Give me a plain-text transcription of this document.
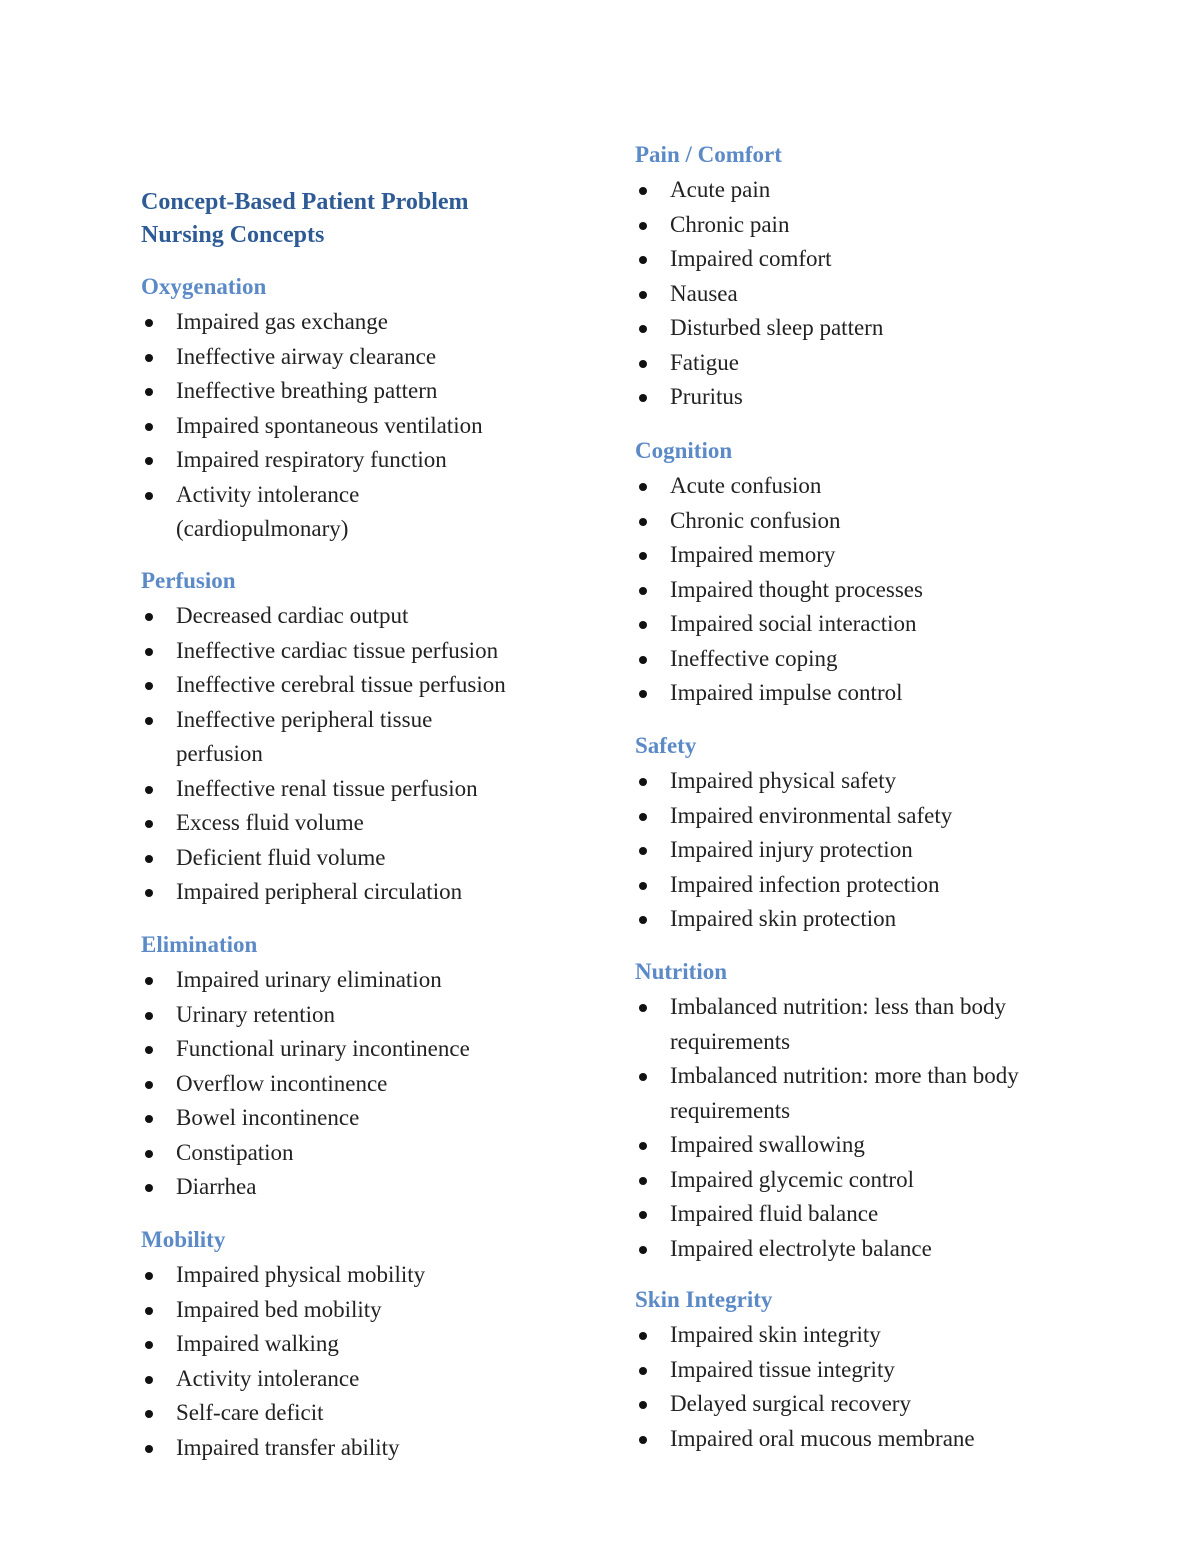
Concept-Based Patient Problem
Nursing Concepts
Oxygenation
Impaired gas exchange
Ineffective airway clearance
Ineffective breathing pattern
Impaired spontaneous ventilation
Impaired respiratory function
Activity intolerance (cardiopulmonary)
Perfusion
Decreased cardiac output
Ineffective cardiac tissue perfusion
Ineffective cerebral tissue perfusion
Ineffective peripheral tissue perfusion
Ineffective renal tissue perfusion
Excess fluid volume
Deficient fluid volume
Impaired peripheral circulation
Elimination
Impaired urinary elimination
Urinary retention
Functional urinary incontinence
Overflow incontinence
Bowel incontinence
Constipation
Diarrhea
Mobility
Impaired physical mobility
Impaired bed mobility
Impaired walking
Activity intolerance
Self-care deficit
Impaired transfer ability
Pain / Comfort
Acute pain
Chronic pain
Impaired comfort
Nausea
Disturbed sleep pattern
Fatigue
Pruritus
Cognition
Acute confusion
Chronic confusion
Impaired memory
Impaired thought processes
Impaired social interaction
Ineffective coping
Impaired impulse control
Safety
Impaired physical safety
Impaired environmental safety
Impaired injury protection
Impaired infection protection
Impaired skin protection
Nutrition
Imbalanced nutrition: less than body requirements
Imbalanced nutrition: more than body requirements
Impaired swallowing
Impaired glycemic control
Impaired fluid balance
Impaired electrolyte balance
Skin Integrity
Impaired skin integrity
Impaired tissue integrity
Delayed surgical recovery
Impaired oral mucous membrane
